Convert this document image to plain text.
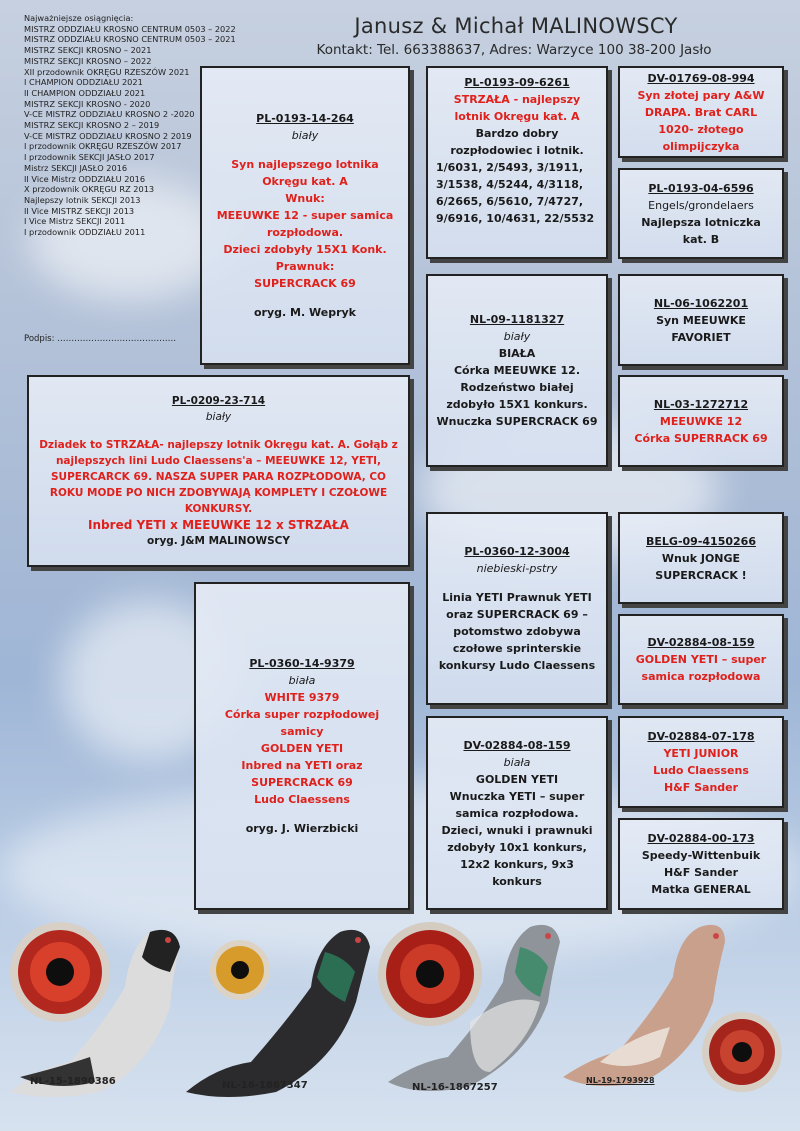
Janusz & Michał MALINOWSCY
Kontakt: Tel. 663388637, Adres: Warzyce 100 38-200 Jasło
Najważniejsze osiągnięcia:
MISTRZ ODDZIAŁU KROSNO CENTRUM 0503 – 2022
MISTRZ ODDZIAŁU KROSNO CENTRUM 0503 – 2021
MISTRZ SEKCJI KROSNO – 2021
MISTRZ SEKCJI KROSNO – 2022
XII przodownik OKRĘGU RZESZÓW 2021
I CHAMPION ODDZIAŁU 2021
II CHAMPION ODDZIAŁU 2021
MISTRZ SEKCJI KROSNO - 2020
V-CE MISTRZ ODDZIAŁU KROSNO 2 -2020
MISTRZ SEKCJI KROSNO 2 – 2019
V-CE MISTRZ ODDZIAŁU KROSNO 2 2019
I przodownik OKRĘGU RZESZÓW 2017
I przodownik SEKCJI JASŁO 2017
Mistrz SEKCJI JASŁO 2016
II Vice Mistrz ODDZIAŁU 2016
X przodownik OKRĘGU RZ 2013
Najlepszy lotnik SEKCJI 2013
II Vice MISTRZ SEKCJI 2013
I Vice Mistrz SEKCJI 2011
I przodownik ODDZIAŁU 2011
Podpis: ……………………………………
PL-0209-23-714
biały
Dziadek to STRZAŁA- najlepszy lotnik Okręgu kat. A. Gołąb z najlepszych lini Ludo Claessens'a – MEEUWKE 12, YETI, SUPERCARCK 69. NASZA SUPER PARA ROZPŁODOWA, CO ROKU MODE PO NICH ZDOBYWAJĄ KOMPLETY I CZOŁOWE KONKURSY.
Inbred YETI x MEEUWKE 12 x STRZAŁA
oryg. J&M MALINOWSCY
PL-0193-14-264
biały
Syn najlepszego lotnika
Okręgu kat. A
Wnuk:
MEEUWKE 12 - super samica rozpłodowa.
Dzieci zdobyły 15X1 Konk.
Prawnuk:
SUPERCRACK 69
oryg. M. Wepryk
PL-0193-09-6261
STRZAŁA - najlepszy lotnik Okręgu kat. A
Bardzo dobry rozpłodowiec i lotnik.
1/6031, 2/5493, 3/1911, 3/1538, 4/5244, 4/3118, 6/2665, 6/5610, 7/4727, 9/6916, 10/4631, 22/5532
DV-01769-08-994
Syn złotej pary A&W DRAPA. Brat CARL 1020- złotego olimpijczyka
PL-0193-04-6596
Engels/grondelaers
Najlepsza lotniczka kat. B
NL-09-1181327
biały
BIAŁA
Córka MEEUWKE 12. Rodzeństwo białej zdobyło 15X1 konkurs. Wnuczka SUPERCRACK 69
NL-06-1062201
Syn MEEUWKE FAVORIET
NL-03-1272712
MEEUWKE 12
Córka SUPERRACK 69
PL-0360-14-9379
biała
WHITE 9379
Córka super rozpłodowej samicy
GOLDEN YETI
Inbred na YETI oraz
SUPERCRACK 69
Ludo Claessens
oryg. J. Wierzbicki
PL-0360-12-3004
niebieski-pstry
Linia YETI Prawnuk YETI oraz SUPERCRACK 69 – potomstwo zdobywa czołowe sprinterskie konkursy Ludo Claessens
BELG-09-4150266
Wnuk JONGE SUPERCRACK !
DV-02884-08-159
GOLDEN YETI – super samica rozpłodowa
DV-02884-08-159
biała
GOLDEN YETI
Wnuczka YETI – super samica rozpłodowa. Dzieci, wnuki i prawnuki zdobyły 10x1 konkurs, 12x2 konkurs, 9x3 konkurs
DV-02884-07-178
YETI JUNIOR
Ludo Claessens
H&F Sander
DV-02884-00-173
Speedy-Wittenbuik
H&F Sander
Matka GENERAL
NL-15-1890386	NL-16-1867347	NL-16-1867257
NL-19-1793928
